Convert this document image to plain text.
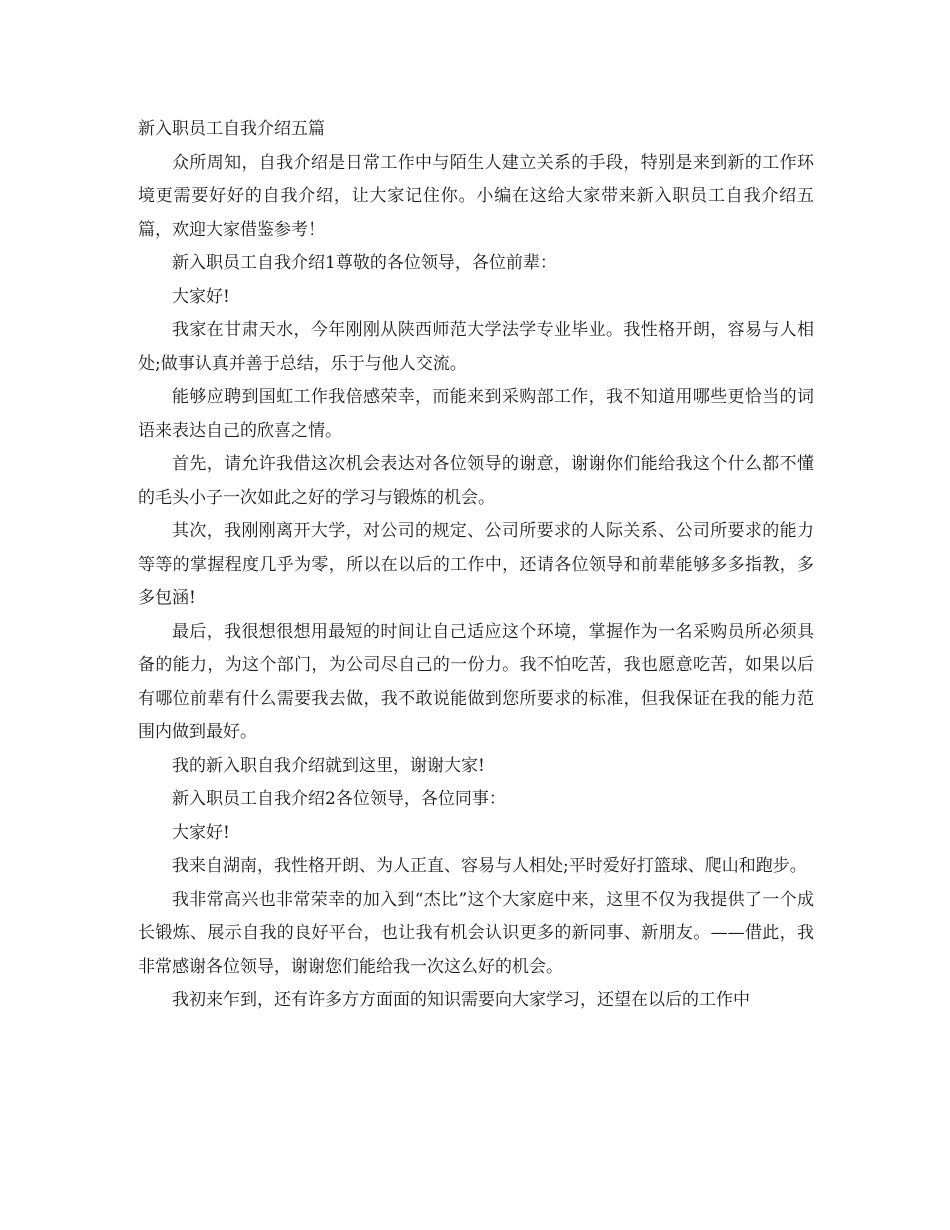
新入职员工自我介绍五篇

众所周知，自我介绍是日常工作中与陌生人建立关系的手段，特别是来到新的工作环境更需要好好的自我介绍，让大家记住你。小编在这给大家带来新入职员工自我介绍五篇，欢迎大家借鉴参考！

新入职员工自我介绍1尊敬的各位领导，各位前辈：

大家好!

我家在甘肃天水，今年刚刚从陕西师范大学法学专业毕业。我性格开朗，容易与人相处;做事认真并善于总结，乐于与他人交流。

能够应聘到国虹工作我倍感荣幸，而能来到采购部工作，我不知道用哪些更恰当的词语来表达自己的欣喜之情。

首先，请允许我借这次机会表达对各位领导的谢意，谢谢你们能给我这个什么都不懂的毛头小子一次如此之好的学习与锻炼的机会。

其次，我刚刚离开大学，对公司的规定、公司所要求的人际关系、公司所要求的能力等等的掌握程度几乎为零，所以在以后的工作中，还请各位领导和前辈能够多多指教，多多包涵!

最后，我很想很想用最短的时间让自己适应这个环境，掌握作为一名采购员所必须具备的能力，为这个部门，为公司尽自己的一份力。我不怕吃苦，我也愿意吃苦，如果以后有哪位前辈有什么需要我去做，我不敢说能做到您所要求的标准，但我保证在我的能力范围内做到最好。

我的新入职自我介绍就到这里，谢谢大家!

新入职员工自我介绍2各位领导，各位同事：

大家好!

我来自湖南，我性格开朗、为人正直、容易与人相处;平时爱好打篮球、爬山和跑步。

我非常高兴也非常荣幸的加入到“杰比”这个大家庭中来，这里不仅为我提供了一个成长锻炼、展示自我的良好平台，也让我有机会认识更多的新同事、新朋友。——借此，我非常感谢各位领导，谢谢您们能给我一次这么好的机会。

我初来乍到，还有许多方方面面的知识需要向大家学习，还望在以后的工作中
